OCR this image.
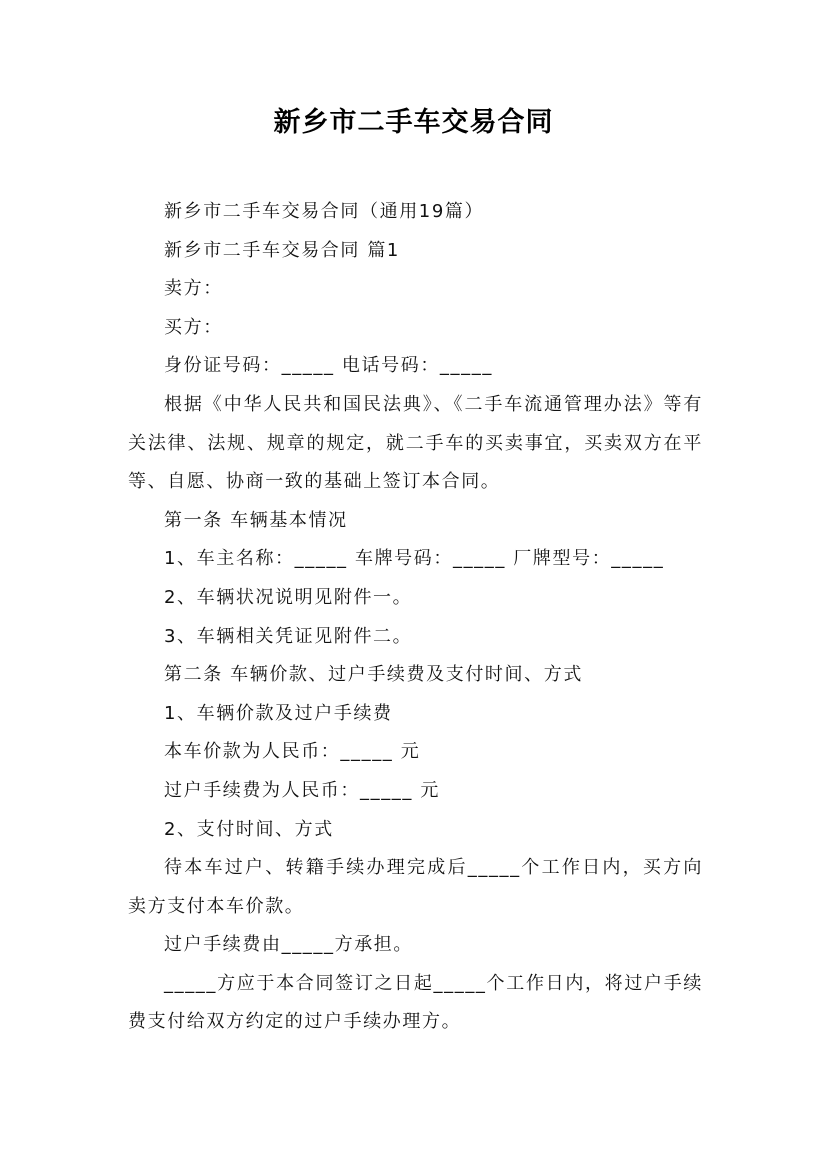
新乡市二手车交易合同

新乡市二手车交易合同（通用19篇）

新乡市二手车交易合同 篇1

卖方：

买方：

身份证号码：_____ 电话号码：_____

根据《中华人民共和国民法典》、《二手车流通管理办法》等有关法律、法规、规章的规定，就二手车的买卖事宜，买卖双方在平等、自愿、协商一致的基础上签订本合同。

第一条 车辆基本情况

1、车主名称：_____ 车牌号码：_____ 厂牌型号：_____

2、车辆状况说明见附件一。

3、车辆相关凭证见附件二。

第二条 车辆价款、过户手续费及支付时间、方式

1、车辆价款及过户手续费

本车价款为人民币：_____ 元

过户手续费为人民币：_____ 元

2、支付时间、方式

待本车过户、转籍手续办理完成后_____个工作日内，买方向卖方支付本车价款。

过户手续费由_____方承担。

_____方应于本合同签订之日起_____个工作日内，将过户手续费支付给双方约定的过户手续办理方。
